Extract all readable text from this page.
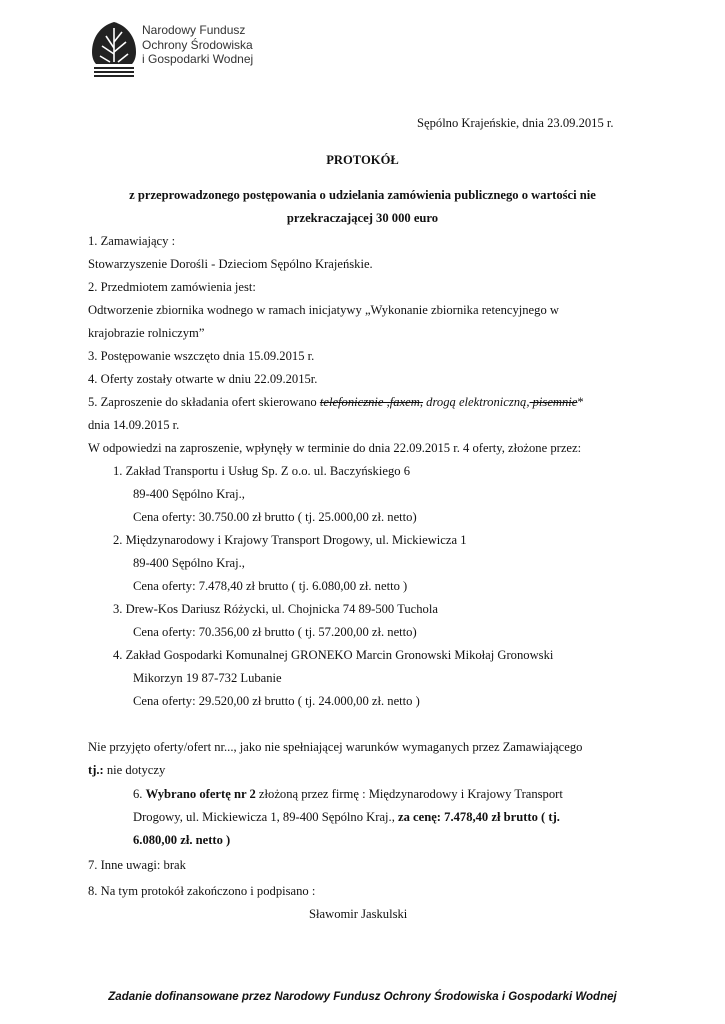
Narodowy Fundusz
Ochrony Środowiska
i Gospodarki Wodnej
Sępólno Krajeńskie, dnia 23.09.2015 r.
PROTOKÓŁ
z przeprowadzonego postępowania o udzielania zamówienia publicznego o wartości nie
przekraczającej 30 000 euro
1. Zamawiający :
Stowarzyszenie Dorośli - Dzieciom Sępólno Krajeńskie.
2. Przedmiotem zamówienia jest:
Odtworzenie zbiornika wodnego w ramach inicjatywy „Wykonanie zbiornika retencyjnego w
krajobrazie rolniczym”
3. Postępowanie wszczęto dnia 15.09.2015 r.
4. Oferty zostały otwarte w dniu 22.09.2015r.
5. Zaproszenie do składania ofert skierowano telefonicznie ,faxem, drogą elektroniczną, pisemnie*
dnia 14.09.2015 r.
W odpowiedzi na zaproszenie, wpłynęły w terminie do dnia 22.09.2015 r. 4 oferty, złożone przez:
1. Zakład Transportu i Usług Sp. Z o.o. ul. Baczyńskiego 6
89-400 Sępólno Kraj.,
Cena oferty: 30.750.00 zł brutto ( tj. 25.000,00 zł. netto)
2. Międzynarodowy i Krajowy Transport Drogowy, ul. Mickiewicza 1
89-400 Sępólno Kraj.,
Cena oferty: 7.478,40 zł brutto ( tj. 6.080,00 zł. netto )
3. Drew-Kos Dariusz Różycki, ul. Chojnicka 74 89-500 Tuchola
Cena oferty: 70.356,00 zł brutto ( tj. 57.200,00 zł. netto)
4. Zakład Gospodarki Komunalnej GRONEKO Marcin Gronowski Mikołaj Gronowski
Mikorzyn 19 87-732 Lubanie
Cena oferty: 29.520,00 zł brutto ( tj. 24.000,00 zł. netto )
Nie przyjęto oferty/ofert nr..., jako nie spełniającej warunków wymaganych przez Zamawiającego
tj.: nie dotyczy
6. Wybrano ofertę nr 2 złożoną przez firmę : Międzynarodowy i Krajowy Transport
Drogowy, ul. Mickiewicza 1, 89-400 Sępólno Kraj., za cenę: 7.478,40 zł brutto ( tj.
6.080,00 zł. netto )
7. Inne uwagi: brak
8. Na tym protokół zakończono i podpisano :
Sławomir Jaskulski
Zadanie dofinansowane przez Narodowy Fundusz Ochrony Środowiska i Gospodarki Wodnej
